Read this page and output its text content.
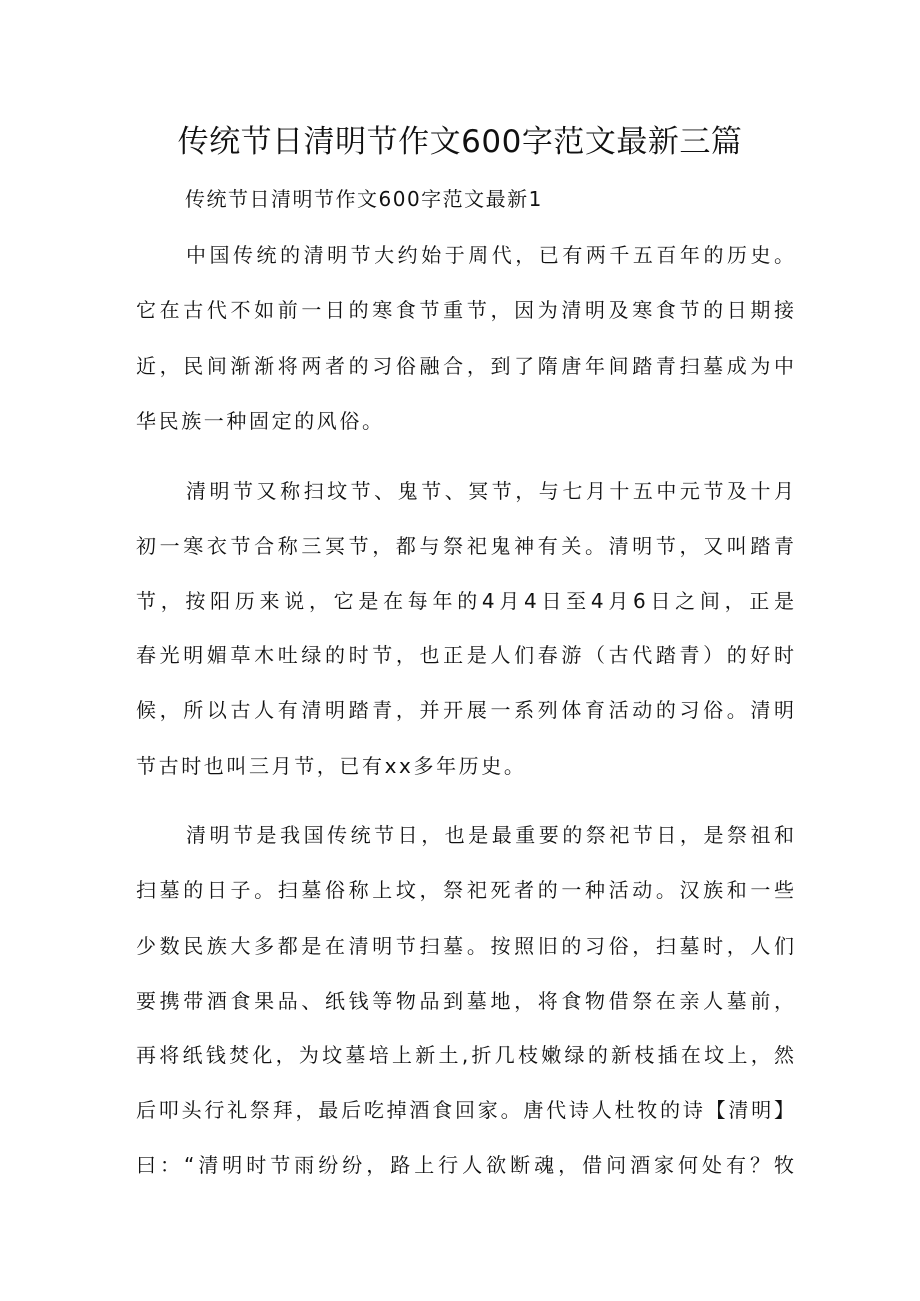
传统节日清明节作文600字范文最新三篇

传统节日清明节作文600字范文最新1

中国传统的清明节大约始于周代，已有两千五百年的历史。

它在古代不如前一日的寒食节重节，因为清明及寒食节的日期接

近，民间渐渐将两者的习俗融合，到了隋唐年间踏青扫墓成为中

华民族一种固定的风俗。

清明节又称扫坟节、鬼节、冥节，与七月十五中元节及十月

初一寒衣节合称三冥节，都与祭祀鬼神有关。清明节，又叫踏青

节，按阳历来说，它是在每年的4月4日至4月6日之间，正是

春光明媚草木吐绿的时节，也正是人们春游（古代踏青）的好时

候，所以古人有清明踏青，并开展一系列体育活动的习俗。清明

节古时也叫三月节，已有xx多年历史。

清明节是我国传统节日，也是最重要的祭祀节日，是祭祖和

扫墓的日子。扫墓俗称上坟，祭祀死者的一种活动。汉族和一些

少数民族大多都是在清明节扫墓。按照旧的习俗，扫墓时，人们

要携带酒食果品、纸钱等物品到墓地，将食物借祭在亲人墓前，

再将纸钱焚化，为坟墓培上新土,折几枝嫩绿的新枝插在坟上，然

后叩头行礼祭拜，最后吃掉酒食回家。唐代诗人杜牧的诗【清明】

曰：“清明时节雨纷纷，路上行人欲断魂，借问酒家何处有？牧
